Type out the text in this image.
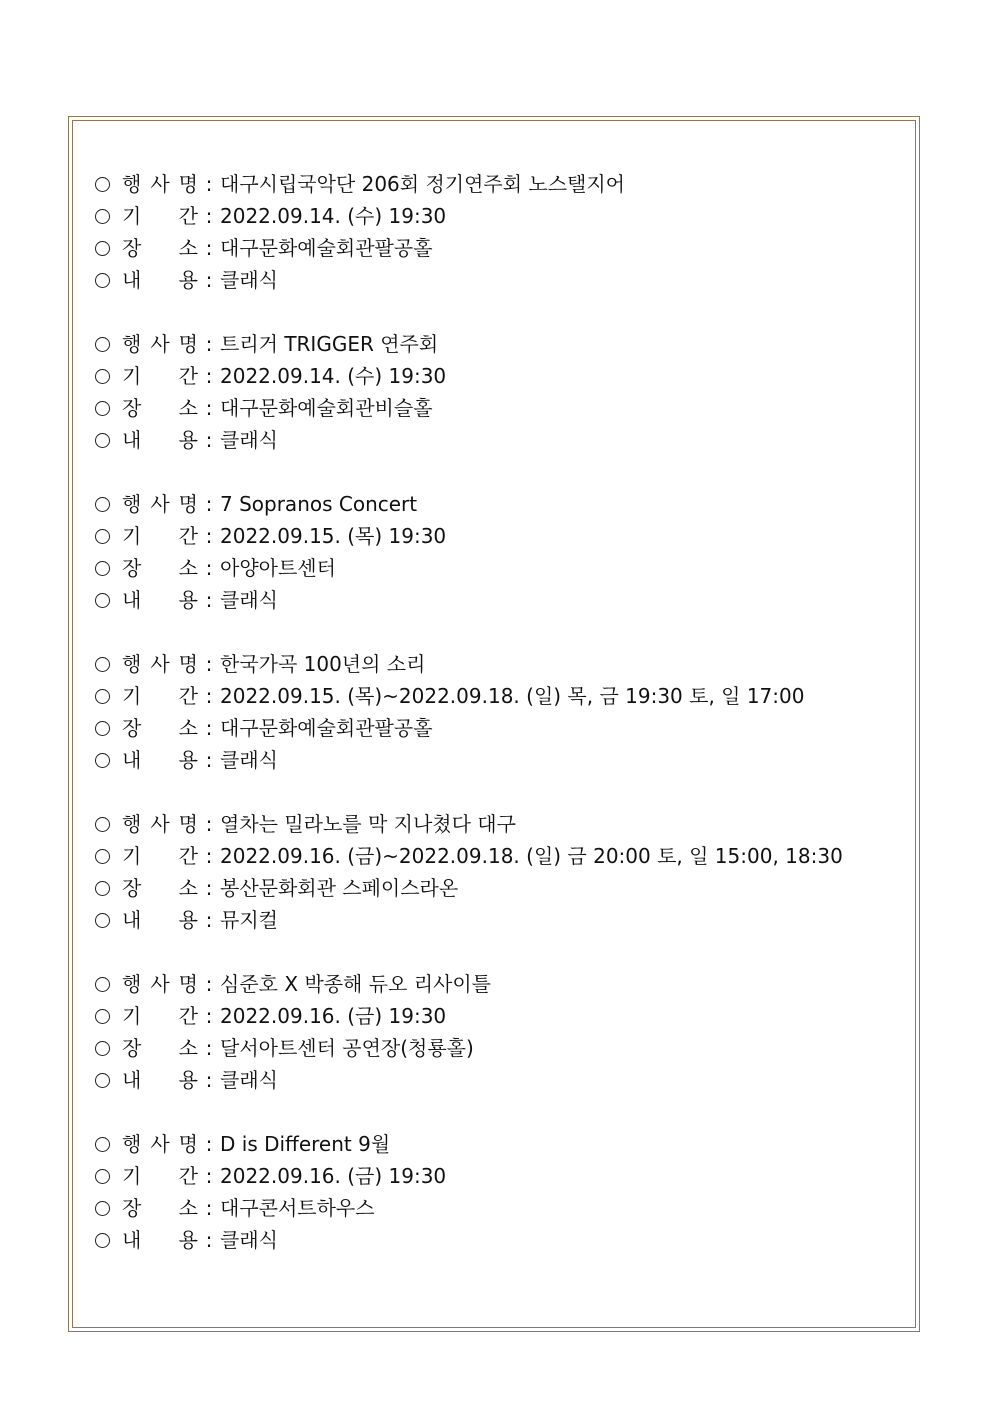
행 사 명 : 대구시립국악단 206회 정기연주회 노스탤지어
기 간 : 2022.09.14. (수) 19:30
장 소 : 대구문화예술회관팔공홀
내 용 : 클래식
행 사 명 : 트리거 TRIGGER 연주회
기 간 : 2022.09.14. (수) 19:30
장 소 : 대구문화예술회관비슬홀
내 용 : 클래식
행 사 명 : 7 Sopranos Concert
기 간 : 2022.09.15. (목) 19:30
장 소 : 아양아트센터
내 용 : 클래식
행 사 명 : 한국가곡 100년의 소리
기 간 : 2022.09.15. (목)~2022.09.18. (일) 목, 금 19:30 토, 일 17:00
장 소 : 대구문화예술회관팔공홀
내 용 : 클래식
행 사 명 : 열차는 밀라노를 막 지나쳤다 대구
기 간 : 2022.09.16. (금)~2022.09.18. (일) 금 20:00 토, 일 15:00, 18:30
장 소 : 봉산문화회관 스페이스라온
내 용 : 뮤지컬
행 사 명 : 심준호 X 박종해 듀오 리사이틀
기 간 : 2022.09.16. (금) 19:30
장 소 : 달서아트센터 공연장(청룡홀)
내 용 : 클래식
행 사 명 : D is Different 9월
기 간 : 2022.09.16. (금) 19:30
장 소 : 대구콘서트하우스
내 용 : 클래식
